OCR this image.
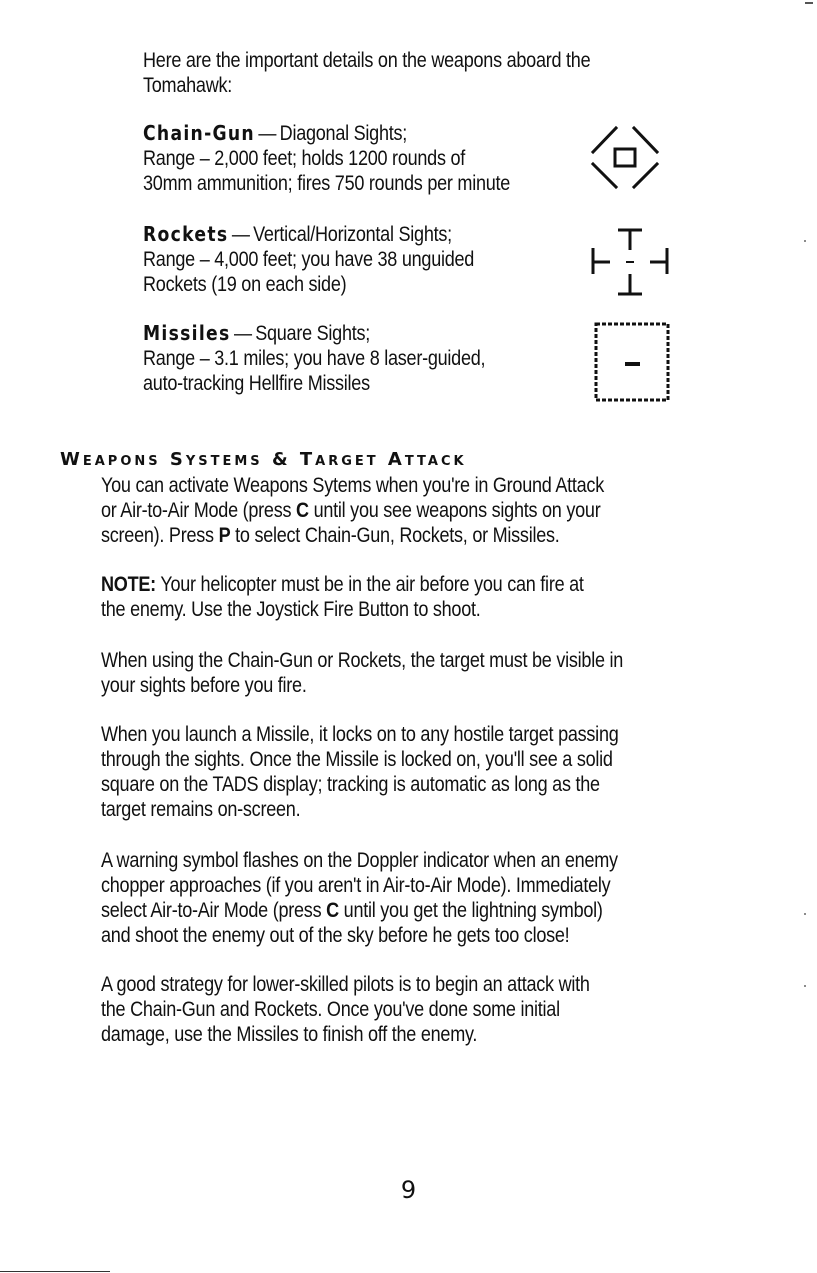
Here are the important details on the weapons aboard the
Tomahawk:
Chain-Gun — Diagonal Sights;
Range – 2,000 feet; holds 1200 rounds of
30mm ammunition; fires 750 rounds per minute
Rockets — Vertical/Horizontal Sights;
Range – 4,000 feet; you have 38 unguided
Rockets (19 on each side)
Missiles — Square Sights;
Range – 3.1 miles; you have 8 laser-guided,
auto-tracking Hellfire Missiles
Weapons Systems & Target Attack
You can activate Weapons Sytems when you're in Ground Attack
or Air-to-Air Mode (press C until you see weapons sights on your
screen). Press P to select Chain-Gun, Rockets, or Missiles.
NOTE: Your helicopter must be in the air before you can fire at
the enemy. Use the Joystick Fire Button to shoot.
When using the Chain-Gun or Rockets, the target must be visible in
your sights before you fire.
When you launch a Missile, it locks on to any hostile target passing
through the sights. Once the Missile is locked on, you'll see a solid
square on the TADS display; tracking is automatic as long as the
target remains on-screen.
A warning symbol flashes on the Doppler indicator when an enemy
chopper approaches (if you aren't in Air-to-Air Mode). Immediately
select Air-to-Air Mode (press C until you get the lightning symbol)
and shoot the enemy out of the sky before he gets too close!
A good strategy for lower-skilled pilots is to begin an attack with
the Chain-Gun and Rockets. Once you've done some initial
damage, use the Missiles to finish off the enemy.
9
